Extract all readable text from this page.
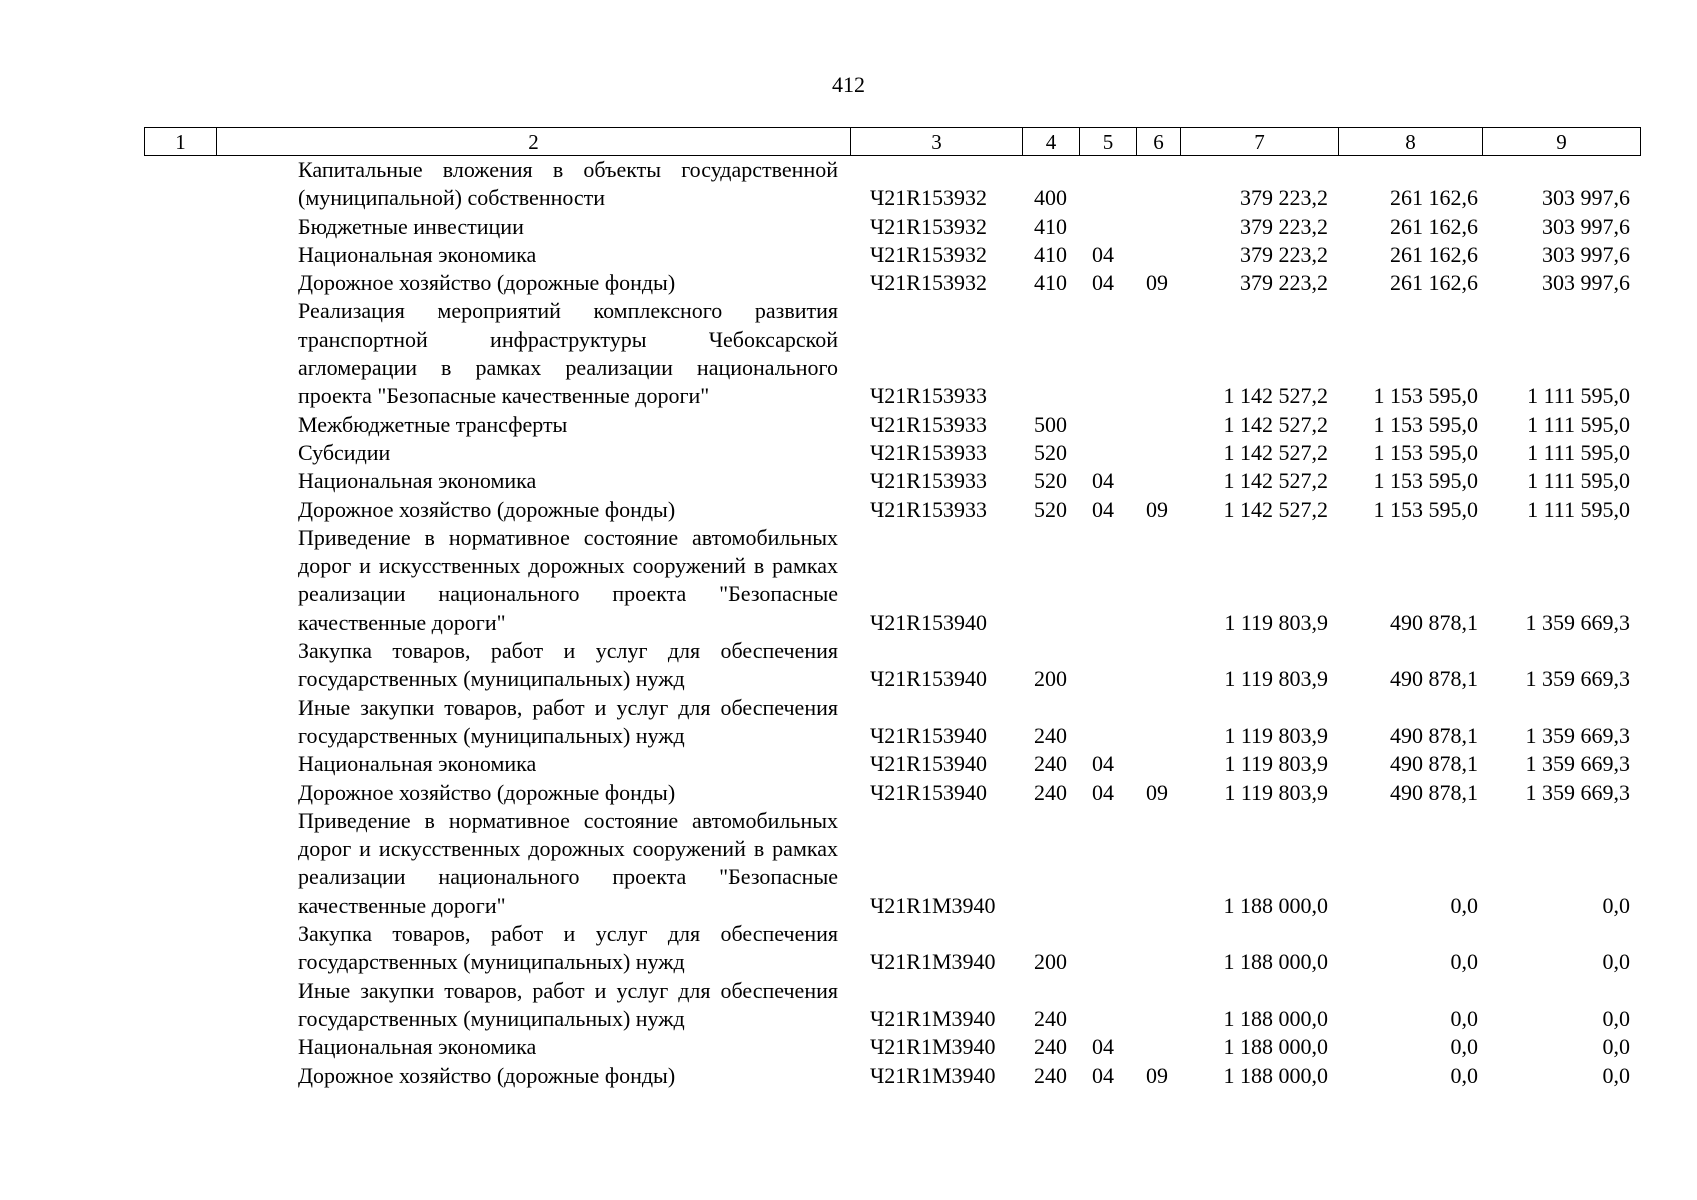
412
1	2	3	4	5	6	7	8	9
	Капитальные вложения в объекты государственной (муниципальной) собственности	Ч21R153932	400			379 223,2	261 162,6	303 997,6
	Бюджетные инвестиции	Ч21R153932	410			379 223,2	261 162,6	303 997,6
	Национальная экономика	Ч21R153932	410	04		379 223,2	261 162,6	303 997,6
	Дорожное хозяйство (дорожные фонды)	Ч21R153932	410	04	09	379 223,2	261 162,6	303 997,6
	Реализация мероприятий комплексного развития транспортной инфраструктуры Чебоксарской агломерации в рамках реализации национального проекта "Безопасные качественные дороги"	Ч21R153933				1 142 527,2	1 153 595,0	1 111 595,0
	Межбюджетные трансферты	Ч21R153933	500			1 142 527,2	1 153 595,0	1 111 595,0
	Субсидии	Ч21R153933	520			1 142 527,2	1 153 595,0	1 111 595,0
	Национальная экономика	Ч21R153933	520	04		1 142 527,2	1 153 595,0	1 111 595,0
	Дорожное хозяйство (дорожные фонды)	Ч21R153933	520	04	09	1 142 527,2	1 153 595,0	1 111 595,0
	Приведение в нормативное состояние автомобильных дорог и искусственных дорожных сооружений в рамках реализации национального проекта "Безопасные качественные дороги"	Ч21R153940				1 119 803,9	490 878,1	1 359 669,3
	Закупка товаров, работ и услуг для обеспечения государственных (муниципальных) нужд	Ч21R153940	200			1 119 803,9	490 878,1	1 359 669,3
	Иные закупки товаров, работ и услуг для обеспечения государственных (муниципальных) нужд	Ч21R153940	240			1 119 803,9	490 878,1	1 359 669,3
	Национальная экономика	Ч21R153940	240	04		1 119 803,9	490 878,1	1 359 669,3
	Дорожное хозяйство (дорожные фонды)	Ч21R153940	240	04	09	1 119 803,9	490 878,1	1 359 669,3
	Приведение в нормативное состояние автомобильных дорог и искусственных дорожных сооружений в рамках реализации национального проекта "Безопасные качественные дороги"	Ч21R1М3940				1 188 000,0	0,0	0,0
	Закупка товаров, работ и услуг для обеспечения государственных (муниципальных) нужд	Ч21R1М3940	200			1 188 000,0	0,0	0,0
	Иные закупки товаров, работ и услуг для обеспечения государственных (муниципальных) нужд	Ч21R1М3940	240			1 188 000,0	0,0	0,0
	Национальная экономика	Ч21R1М3940	240	04		1 188 000,0	0,0	0,0
	Дорожное хозяйство (дорожные фонды)	Ч21R1М3940	240	04	09	1 188 000,0	0,0	0,0
